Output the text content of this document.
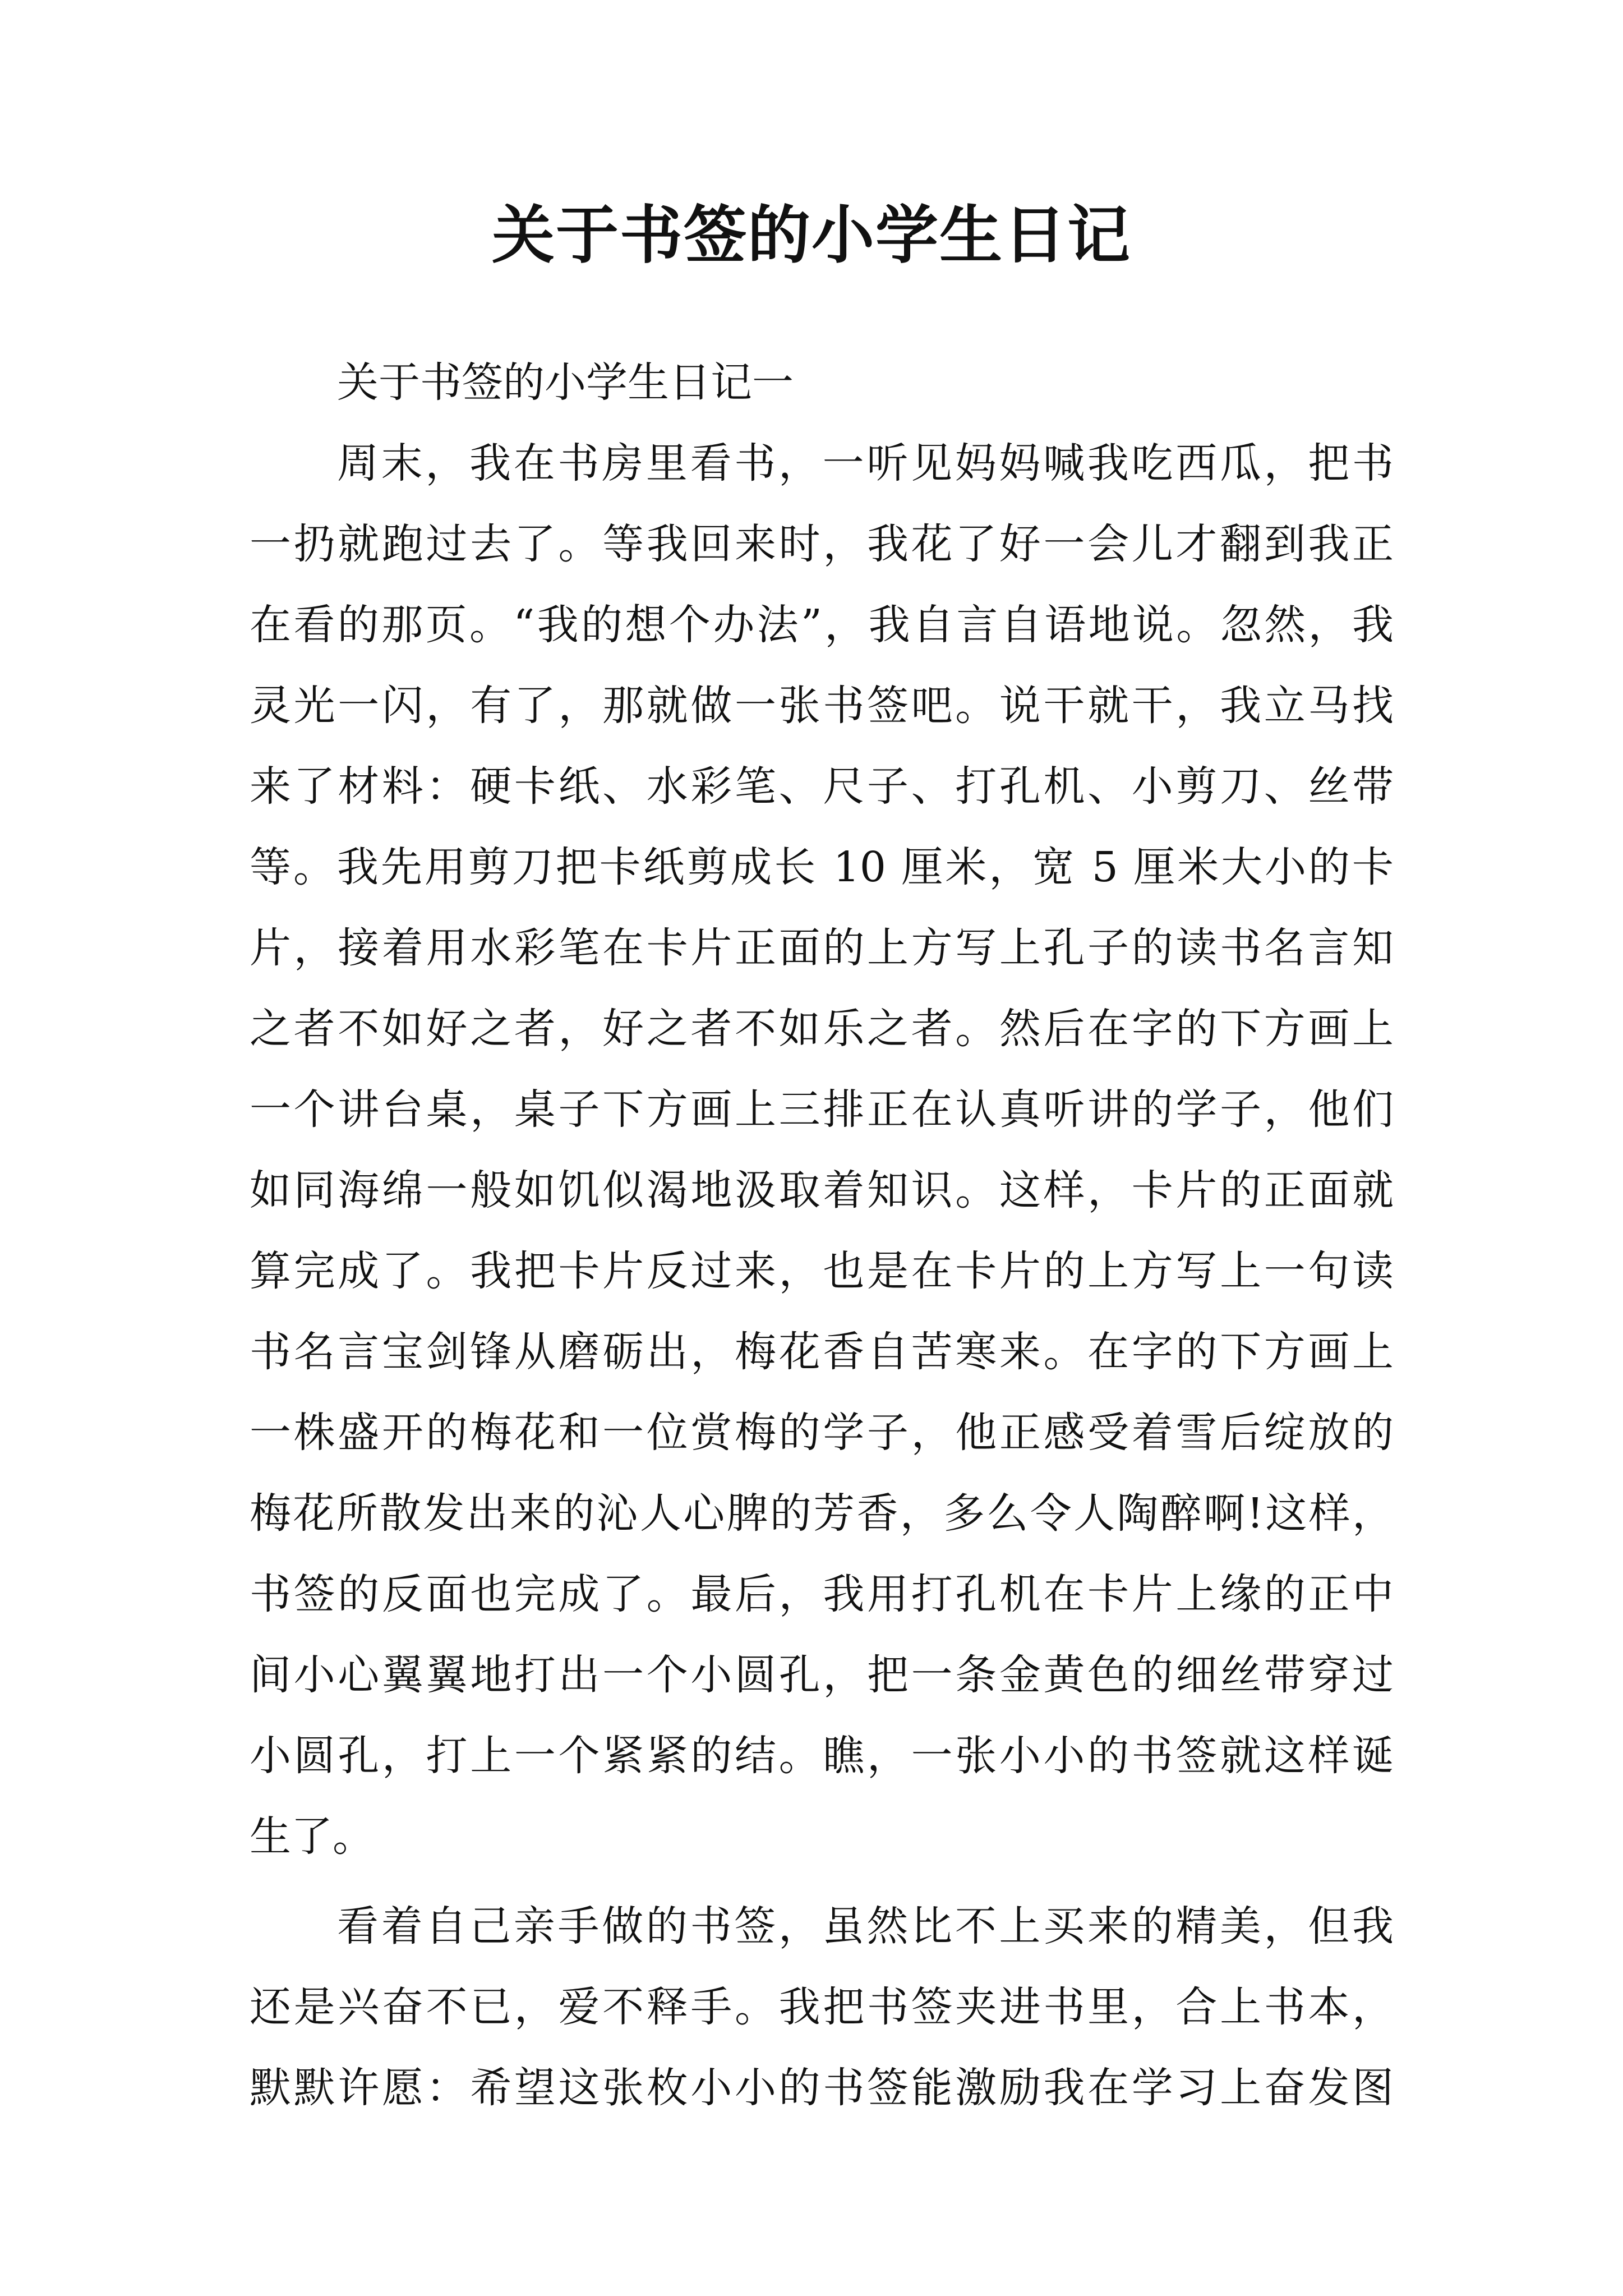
关于书签的小学生日记
关于书签的小学生日记一
周末，我在书房里看书，一听见妈妈喊我吃西瓜，把书
一扔就跑过去了。等我回来时，我花了好一会儿才翻到我正
在看的那页。“我的想个办法”，我自言自语地说。忽然，我
灵光一闪，有了，那就做一张书签吧。说干就干，我立马找
来了材料：硬卡纸、水彩笔、尺子、打孔机、小剪刀、丝带
等。我先用剪刀把卡纸剪成长 10 厘米，宽 5 厘米大小的卡
片，接着用水彩笔在卡片正面的上方写上孔子的读书名言知
之者不如好之者，好之者不如乐之者。然后在字的下方画上
一个讲台桌，桌子下方画上三排正在认真听讲的学子，他们
如同海绵一般如饥似渴地汲取着知识。这样，卡片的正面就
算完成了。我把卡片反过来，也是在卡片的上方写上一句读
书名言宝剑锋从磨砺出，梅花香自苦寒来。在字的下方画上
一株盛开的梅花和一位赏梅的学子，他正感受着雪后绽放的
梅花所散发出来的沁人心脾的芳香，多么令人陶醉啊!这样，
书签的反面也完成了。最后，我用打孔机在卡片上缘的正中
间小心翼翼地打出一个小圆孔，把一条金黄色的细丝带穿过
小圆孔，打上一个紧紧的结。瞧，一张小小的书签就这样诞
生了。
看着自己亲手做的书签，虽然比不上买来的精美，但我
还是兴奋不已，爱不释手。我把书签夹进书里，合上书本，
默默许愿：希望这张枚小小的书签能激励我在学习上奋发图
